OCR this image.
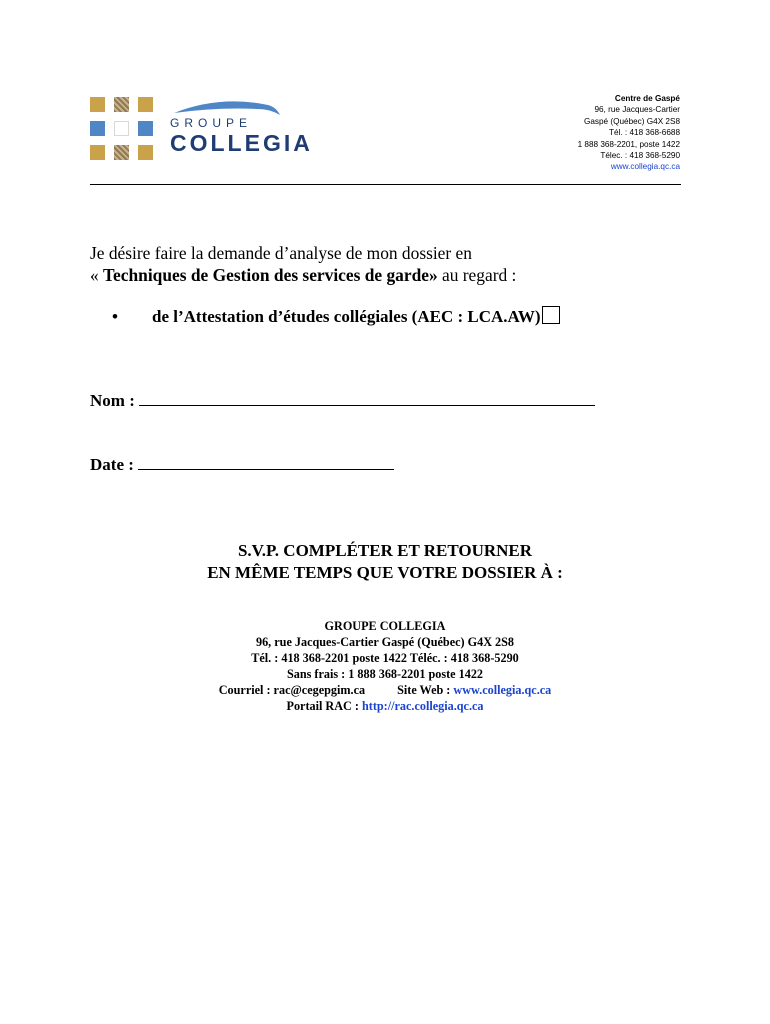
GROUPE
COLLEGIA
Centre de Gaspé
96, rue Jacques-Cartier
Gaspé (Québec) G4X 2S8
Tél. : 418 368-6688
1 888 368-2201, poste 1422
Télec. : 418 368-5290
www.collegia.qc.ca
Je désire faire la demande d’analyse de mon dossier en
« Techniques de Gestion des services de garde» au regard :
• de l’Attestation d’études collégiales (AEC : LCA.AW)
Nom :
Date :
S.V.P. COMPLÉTER ET RETOURNER
EN MÊME TEMPS QUE VOTRE DOSSIER À :
GROUPE COLLEGIA
96, rue Jacques-Cartier Gaspé (Québec) G4X 2S8
Tél. : 418 368-2201 poste 1422 Téléc. : 418 368-5290
Sans frais : 1 888 368-2201 poste 1422
Courriel : rac@cegepgim.ca	Site Web : www.collegia.qc.ca
Portail RAC : http://rac.collegia.qc.ca
